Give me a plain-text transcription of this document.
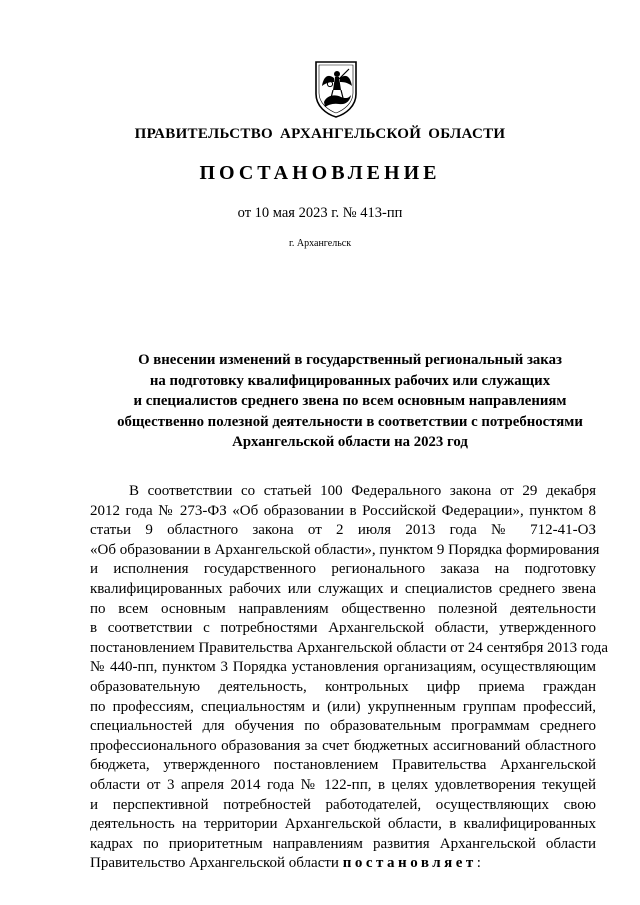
ПРАВИТЕЛЬСТВО АРХАНГЕЛЬСКОЙ ОБЛАСТИ
ПОСТАНОВЛЕНИЕ
от 10 мая 2023 г. № 413-пп
г. Архангельск
О внесении изменений в государственный региональный заказ
на подготовку квалифицированных рабочих или служащих
и специалистов среднего звена по всем основным направлениям
общественно полезной деятельности в соответствии с потребностями
Архангельской области на 2023 год
В соответствии со статьей 100 Федерального закона от 29 декабря
2012 года № 273-ФЗ «Об образовании в Российской Федерации», пунктом 8
статьи 9 областного закона от 2 июля 2013 года № 712-41-ОЗ
«Об образовании в Архангельской области», пунктом 9 Порядка формирования
и исполнения государственного регионального заказа на подготовку
квалифицированных рабочих или служащих и специалистов среднего звена
по всем основным направлениям общественно полезной деятельности
в соответствии с потребностями Архангельской области, утвержденного
постановлением Правительства Архангельской области от 24 сентября 2013 года
№ 440-пп, пунктом 3 Порядка установления организациям, осуществляющим
образовательную деятельность, контрольных цифр приема граждан
по профессиям, специальностям и (или) укрупненным группам профессий,
специальностей для обучения по образовательным программам среднего
профессионального образования за счет бюджетных ассигнований областного
бюджета, утвержденного постановлением Правительства Архангельской
области от 3 апреля 2014 года № 122-пп, в целях удовлетворения текущей
и перспективной потребностей работодателей, осуществляющих свою
деятельность на территории Архангельской области, в квалифицированных
кадрах по приоритетным направлениям развития Архангельской области
Правительство Архангельской области постановляет:
